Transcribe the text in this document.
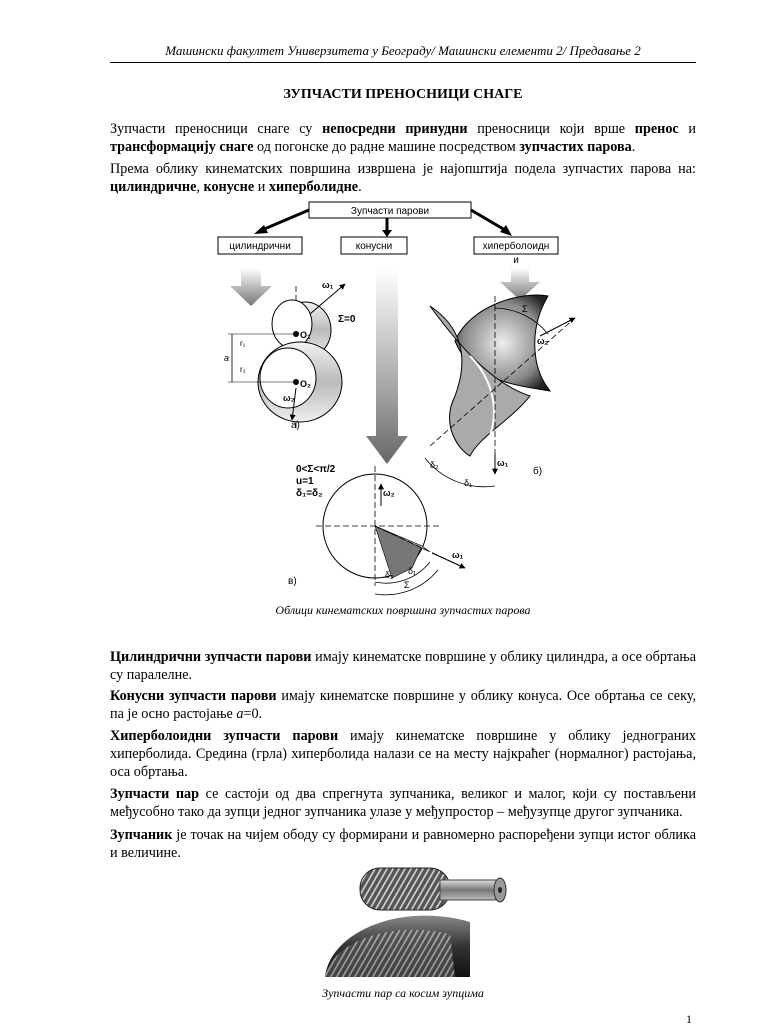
Машински факултет Универзитета у Београду/ Машински елементи 2/ Предавање 2
ЗУПЧАСТИ ПРЕНОСНИЦИ СНАГЕ
Зупчасти преносници снаге су непосредни принудни преносници који врше пренос и трансформацију снаге од погонске до радне машине посредством зупчастих парова.
Према облику кинематских површина извршена је најопштија подела зупчастих парова на: цилиндричне, конусне и хиперболидне.
Зупчасти парови
цилиндрични	конусни	хиперболоидн
и
O₁
O₂
a
r₁
r₂
ω₁
ω₂
Σ=0
а)
ω₂
ω₁
Σ
δ₂
δ₁
б)
0<Σ<π/2
u=1
δ₁=δ₂
ω₁
ω₂
δ₂ δ₁
Σ
в)
Облици кинематских површина зупчастих парова
Цилиндрични зупчасти парови имају кинематске површине у облику цилиндра, а осе обртања су паралелне.
Конусни зупчасти парови имају кинематске површине у облику конуса. Осе обртања се секу, па је осно растојање a=0.
Хиперболоидни зупчасти парови имају кинематске површине у облику једнограних хиперболида. Средина (грла) хиперболида налази се на месту најкраћег (нормалног) растојања, оса обртања.
Зупчасти пар се састоји од два спрегнута зупчаника, великог и малог, који су постављени међусобно тако да зупци једног зупчаника улазе у међупростор – међузупце другог зупчаника.
Зупчаник је точак на чијем ободу су формирани и равномерно распоређени зупци истог облика и величине.
Зупчасти пар са косим зупцима
1
